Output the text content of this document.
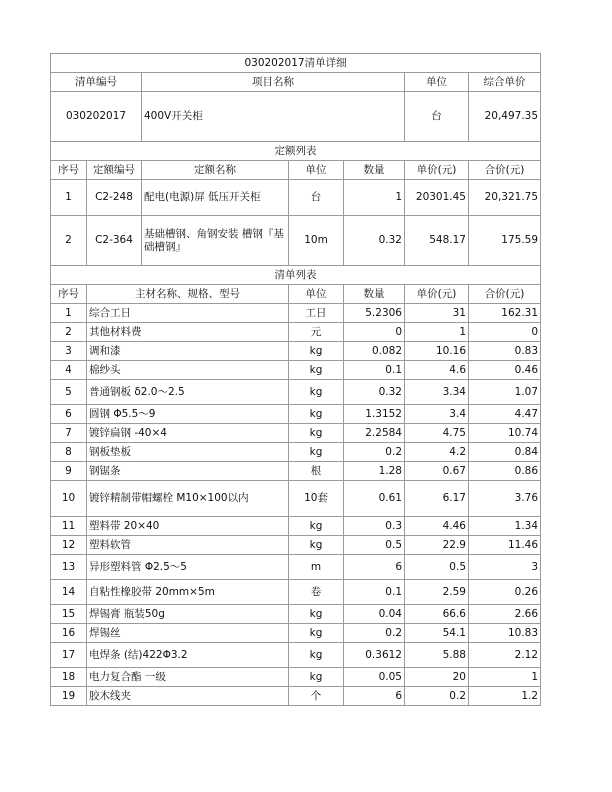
030202017清单详细						
清单编号		项目名称			单位	综合单价
030202017		400V开关柜			台	20,497.35
定额列表						
序号	定额编号	定额名称	单位	数量	单价(元)	合价(元)
1	C2-248	配电(电源)屏 低压开关柜	台	1	20301.45	20,321.75
2	C2-364	基础槽钢、角钢安装 槽钢『基础槽钢』	10m	0.32	548.17	175.59
清单列表						
序号	主材名称、规格、型号		单位	数量	单价(元)	合价(元)
1	综合工日		工日	5.2306	31	162.31
2	其他材料费		元	0	1	0
3	调和漆		kg	0.082	10.16	0.83
4	棉纱头		kg	0.1	4.6	0.46
5	普通钢板 δ2.0～2.5		kg	0.32	3.34	1.07
6	圆钢 Φ5.5～9		kg	1.3152	3.4	4.47
7	镀锌扁钢 -40×4		kg	2.2584	4.75	10.74
8	钢板垫板		kg	0.2	4.2	0.84
9	钢锯条		根	1.28	0.67	0.86
10	镀锌精制带帽螺栓 M10×100以内		10套	0.61	6.17	3.76
11	塑料带 20×40		kg	0.3	4.46	1.34
12	塑料软管		kg	0.5	22.9	11.46
13	异形塑料管 Φ2.5～5		m	6	0.5	3
14	自粘性橡胶带 20mm×5m		卷	0.1	2.59	0.26
15	焊锡膏 瓶装50g		kg	0.04	66.6	2.66
16	焊锡丝		kg	0.2	54.1	10.83
17	电焊条 (结)422Φ3.2		kg	0.3612	5.88	2.12
18	电力复合酯 一级		kg	0.05	20	1
19	胶木线夹		个	6	0.2	1.2
